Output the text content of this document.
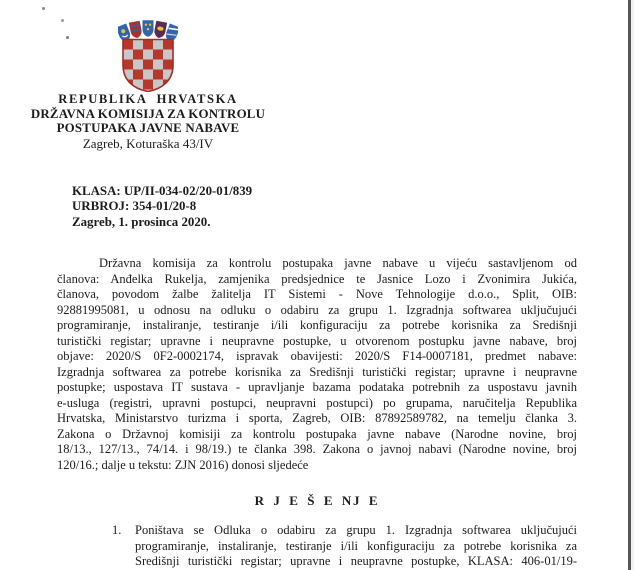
REPUBLIKA HRVATSKA
DRŽAVNA KOMISIJA ZA KONTROLU
POSTUPAKA JAVNE NABAVE
Zagreb, Koturaška 43/IV
KLASA: UP/II-034-02/20-01/839
URBROJ: 354-01/20-8
Zagreb, 1. prosinca 2020.
Državna komisija za kontrolu postupaka javne nabave u vijeću sastavljenom od
članova: Anđelka Rukelja, zamjenika predsjednice te Jasnice Lozo i Zvonimira Jukića,
članova, povodom žalbe žalitelja IT Sistemi - Nove Tehnologije d.o.o., Split, OIB:
92881995081, u odnosu na odluku o odabiru za grupu 1. Izgradnja softwarea uključujući
programiranje, instaliranje, testiranje i/ili konfiguraciju za potrebe korisnika za Središnji
turistički registar; upravne i neupravne postupke, u otvorenom postupku javne nabave, broj
objave: 2020/S 0F2-0002174, ispravak obavijesti: 2020/S F14-0007181, predmet nabave:
Izgradnja softwarea za potrebe korisnika za Središnji turistički registar; upravne i neupravne
postupke; uspostava IT sustava - upravljanje bazama podataka potrebnih za uspostavu javnih
e-usluga (registri, upravni postupci, neupravni postupci) po grupama, naručitelja Republika
Hrvatska, Ministarstvo turizma i sporta, Zagreb, OIB: 87892589782, na temelju članka 3.
Zakona o Državnoj komisiji za kontrolu postupaka javne nabave (Narodne novine, broj
18/13., 127/13., 74/14. i 98/19.) te članka 398. Zakona o javnoj nabavi (Narodne novine, broj
120/16.; dalje u tekstu: ZJN 2016) donosi sljedeće
R J E Š E NJ E
1.	Poništava se Odluka o odabiru za grupu 1. Izgradnja softwarea uključujući
programiranje, instaliranje, testiranje i/ili konfiguraciju za potrebe korisnika za
Središnji turistički registar; upravne i neupravne postupke, KLASA: 406-01/19-
